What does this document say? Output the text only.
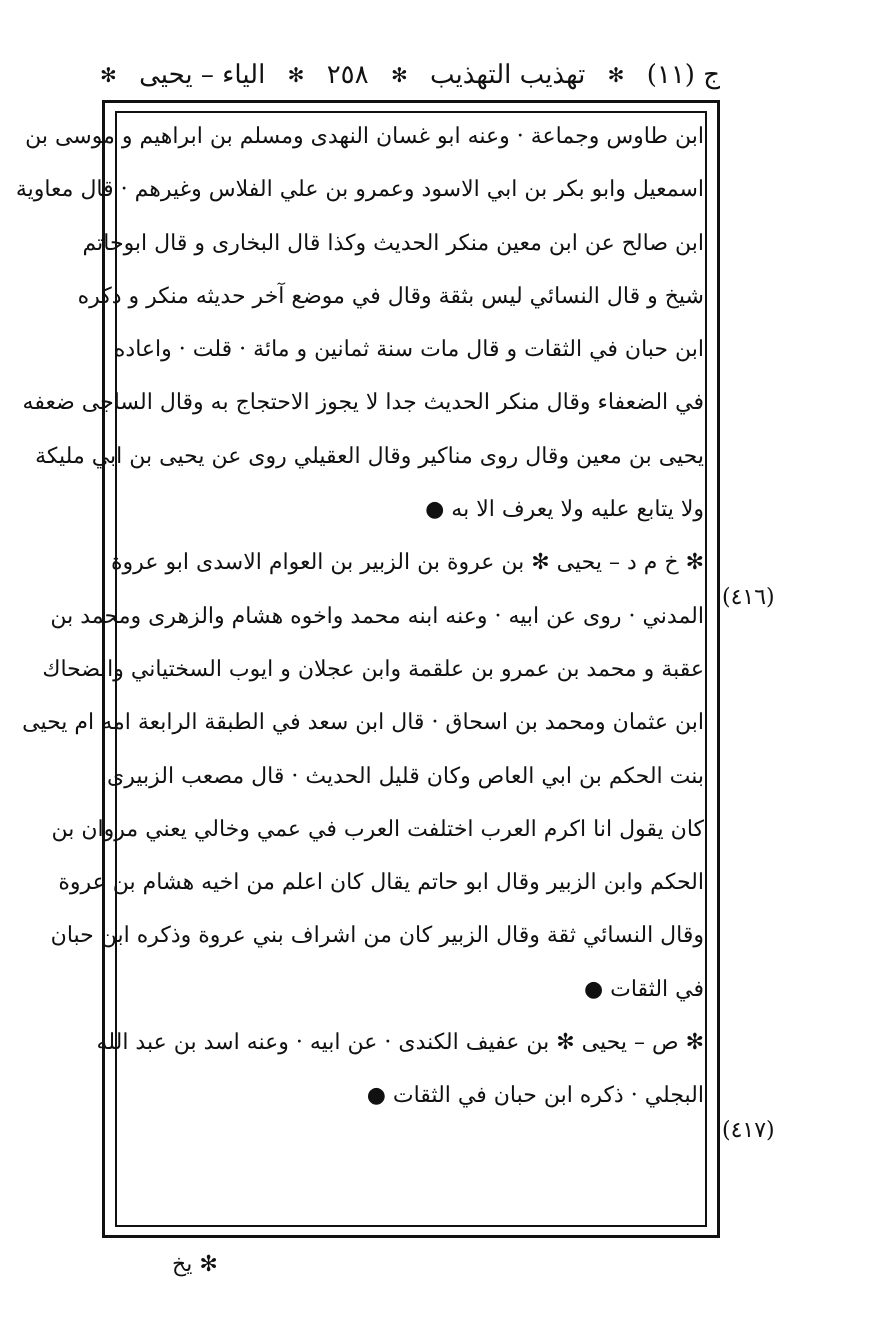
ج (١١)
✻
تهذيب التهذيب
✻
٢٥٨
✻
الياء – يحيى
✻
ابن طاوس وجماعة · وعنه ابو غسان النهدى ومسلم بن ابراهيم و موسى بن
اسمعيل وابو بكر بن ابي الاسود وعمرو بن علي الفلاس وغيرهم · قال معاوية
ابن صالح عن ابن معين منكر الحديث وكذا قال البخارى و قال ابوحاتم
شيخ و قال النسائي ليس بثقة وقال في موضع آخر حديثه منكر و ذكره
ابن حبان في الثقات و قال مات سنة ثمانين و مائة · قلت · واعاده
في الضعفاء وقال منكر الحديث جدا لا يجوز الاحتجاج به وقال الساجى ضعفه
يحيى بن معين وقال روى مناكير وقال العقيلي روى عن يحيى بن ابي مليكة
ولا يتابع عليه ولا يعرف الا به ●
✻ خ م د – يحيى ✻ بن عروة بن الزبير بن العوام الاسدى ابو عروة
المدني · روى عن ابيه · وعنه ابنه محمد واخوه هشام والزهرى ومحمد بن
عقبة و محمد بن عمرو بن علقمة وابن عجلان و ايوب السختياني والضحاك
ابن عثمان ومحمد بن اسحاق · قال ابن سعد في الطبقة الرابعة امه ام يحيى
بنت الحكم بن ابي العاص وكان قليل الحديث · قال مصعب الزبيرى
كان يقول انا اكرم العرب اختلفت العرب في عمي وخالي يعني مروان بن
الحكم وابن الزبير وقال ابو حاتم يقال كان اعلم من اخيه هشام بن عروة
وقال النسائي ثقة وقال الزبير كان من اشراف بني عروة وذكره ابن حبان
في الثقات ●
✻ ص – يحيى ✻ بن عفيف الكندى · عن ابيه · وعنه اسد بن عبد الله
البجلي · ذكره ابن حبان في الثقات ●
(٤١٦)
(٤١٧)
✻ يخ
